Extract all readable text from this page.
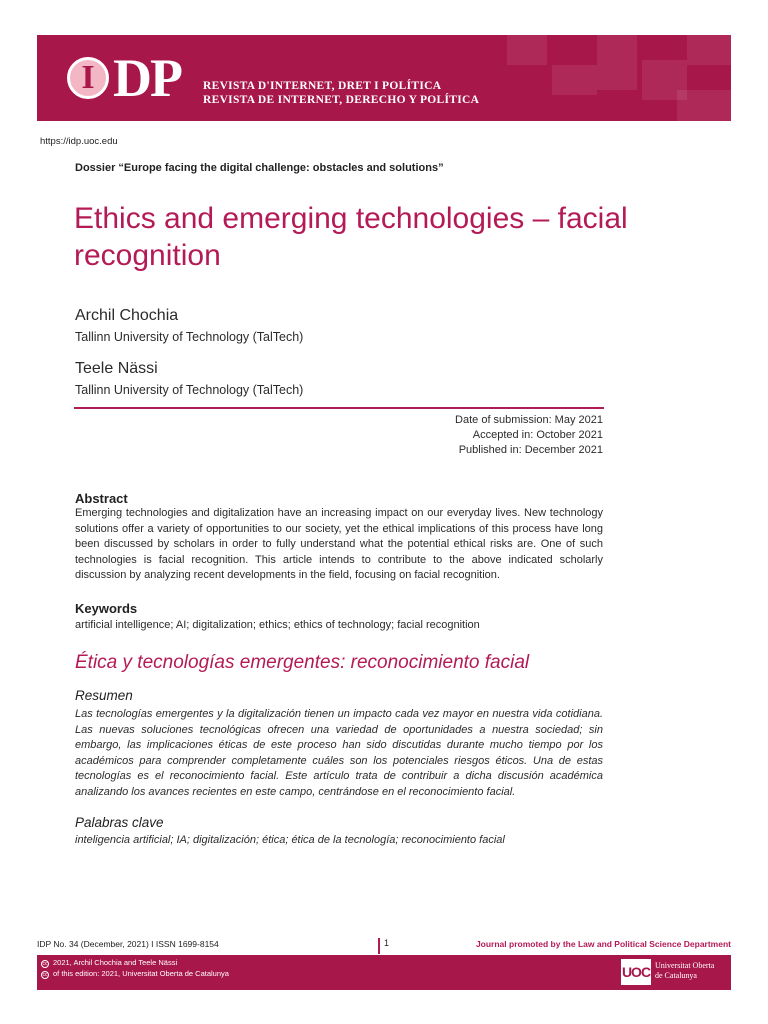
I DP REVISTA D'INTERNET, DRET I POLÍTICA
REVISTA DE INTERNET, DERECHO Y POLÍTICA
https://idp.uoc.edu
Dossier “Europe facing the digital challenge: obstacles and solutions”
Ethics and emerging technologies – facial recognition
Archil Chochia
Tallinn University of Technology (TalTech)
Teele Nässi
Tallinn University of Technology (TalTech)
Date of submission: May 2021
Accepted in: October 2021
Published in: December 2021
Abstract
Emerging technologies and digitalization have an increasing impact on our everyday lives. New technology solutions offer a variety of opportunities to our society, yet the ethical implications of this process have long been discussed by scholars in order to fully understand what the potential ethical risks are. One of such technologies is facial recognition. This article intends to contribute to the above indicated scholarly discussion by analyzing recent developments in the field, focusing on facial recognition.
Keywords
artificial intelligence; AI; digitalization; ethics; ethics of technology; facial recognition
Ética y tecnologías emergentes: reconocimiento facial
Resumen
Las tecnologías emergentes y la digitalización tienen un impacto cada vez mayor en nuestra vida cotidiana. Las nuevas soluciones tecnológicas ofrecen una variedad de oportunidades a nuestra sociedad; sin embargo, las implicaciones éticas de este proceso han sido discutidas durante mucho tiempo por los académicos para comprender completamente cuáles son los potenciales riesgos éticos. Una de estas tecnologías es el reconocimiento facial. Este artículo trata de contribuir a dicha discusión académica analizando los avances recientes en este campo, centrándose en el reconocimiento facial.
Palabras clave
inteligencia artificial; IA; digitalización; ética; ética de la tecnología; reconocimiento facial
IDP No. 34 (December, 2021) I ISSN 1699-8154	1	Journal promoted by the Law and Political Science Department
cc
cc
2021, Archil Chochia and Teele Nässi
of this edition: 2021, Universitat Oberta de Catalunya	UOC Universitat Oberta
de Catalunya
